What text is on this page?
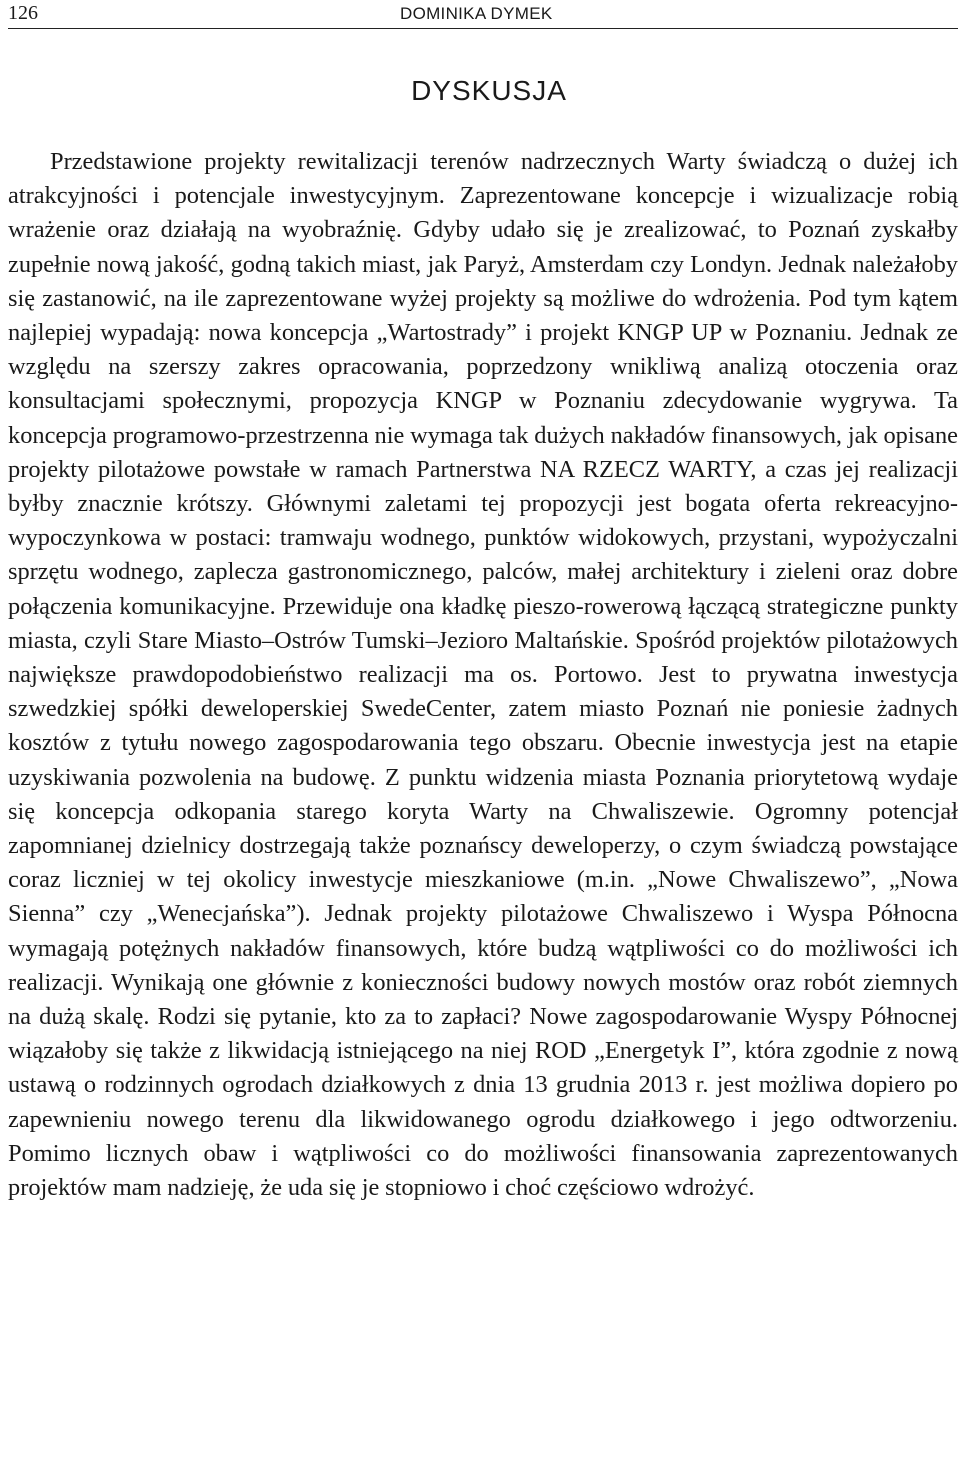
126	DOMINIKA DYMEK
DYSKUSJA

Przedstawione projekty rewitalizacji terenów nadrzecznych Warty świadczą o dużej ich atrakcyjności i potencjale inwestycyjnym. Zaprezentowane koncepcje i wizualizacje robią wrażenie oraz działają na wyobraźnię. Gdyby udało się je zrealizować, to Poznań zyskałby zupełnie nową jakość, godną takich miast, jak Paryż, Amsterdam czy Londyn. Jednak należałoby się zastanowić, na ile zaprezentowane wyżej projekty są możliwe do wdrożenia. Pod tym kątem najlepiej wypadają: nowa koncepcja „Wartostrady” i projekt KNGP UP w Poznaniu. Jednak ze względu na szerszy zakres opracowania, poprzedzony wnikliwą analizą otoczenia oraz konsultacjami społecznymi, propozycja KNGP w Poznaniu zdecydowanie wygrywa. Ta koncepcja programowo-przestrzenna nie wymaga tak dużych nakładów finansowych, jak opisane projekty pilotażowe powstałe w ramach Partnerstwa NA RZECZ WARTY, a czas jej realizacji byłby znacznie krótszy. Głównymi zaletami tej propozycji jest bogata oferta rekreacyjno-wypoczynkowa w postaci: tramwaju wodnego, punktów widokowych, przystani, wypożyczalni sprzętu wodnego, zaplecza gastronomicznego, palców, małej architektury i zieleni oraz dobre połączenia komunikacyjne. Przewiduje ona kładkę pieszo-rowerową łączącą strategiczne punkty miasta, czyli Stare Miasto–Ostrów Tumski–Jezioro Maltańskie. Spośród projektów pilotażowych największe prawdopodobieństwo realizacji ma os. Portowo. Jest to prywatna inwestycja szwedzkiej spółki deweloperskiej SwedeCenter, zatem miasto Poznań nie poniesie żadnych kosztów z tytułu nowego zagospodarowania tego obszaru. Obecnie inwestycja jest na etapie uzyskiwania pozwolenia na budowę. Z punktu widzenia miasta Poznania priorytetową wydaje się koncepcja odkopania starego koryta Warty na Chwaliszewie. Ogromny potencjał zapomnianej dzielnicy dostrzegają także poznańscy deweloperzy, o czym świadczą powstające coraz liczniej w tej okolicy inwestycje mieszkaniowe (m.in. „Nowe Chwaliszewo”, „Nowa Sienna” czy „Wenecjańska”). Jednak projekty pilotażowe Chwaliszewo i Wyspa Północna wymagają potężnych nakładów finansowych, które budzą wątpliwości co do możliwości ich realizacji. Wynikają one głównie z konieczności budowy nowych mostów oraz robót ziemnych na dużą skalę. Rodzi się pytanie, kto za to zapłaci? Nowe zagospodarowanie Wyspy Północnej wiązałoby się także z likwidacją istniejącego na niej ROD „Energetyk I”, która zgodnie z nową ustawą o rodzinnych ogrodach działkowych z dnia 13 grudnia 2013 r. jest możliwa dopiero po zapewnieniu nowego terenu dla likwidowanego ogrodu działkowego i jego odtworzeniu. Pomimo licznych obaw i wątpliwości co do możliwości finansowania zaprezentowanych projektów mam nadzieję, że uda się je stopniowo i choć częściowo wdrożyć.
